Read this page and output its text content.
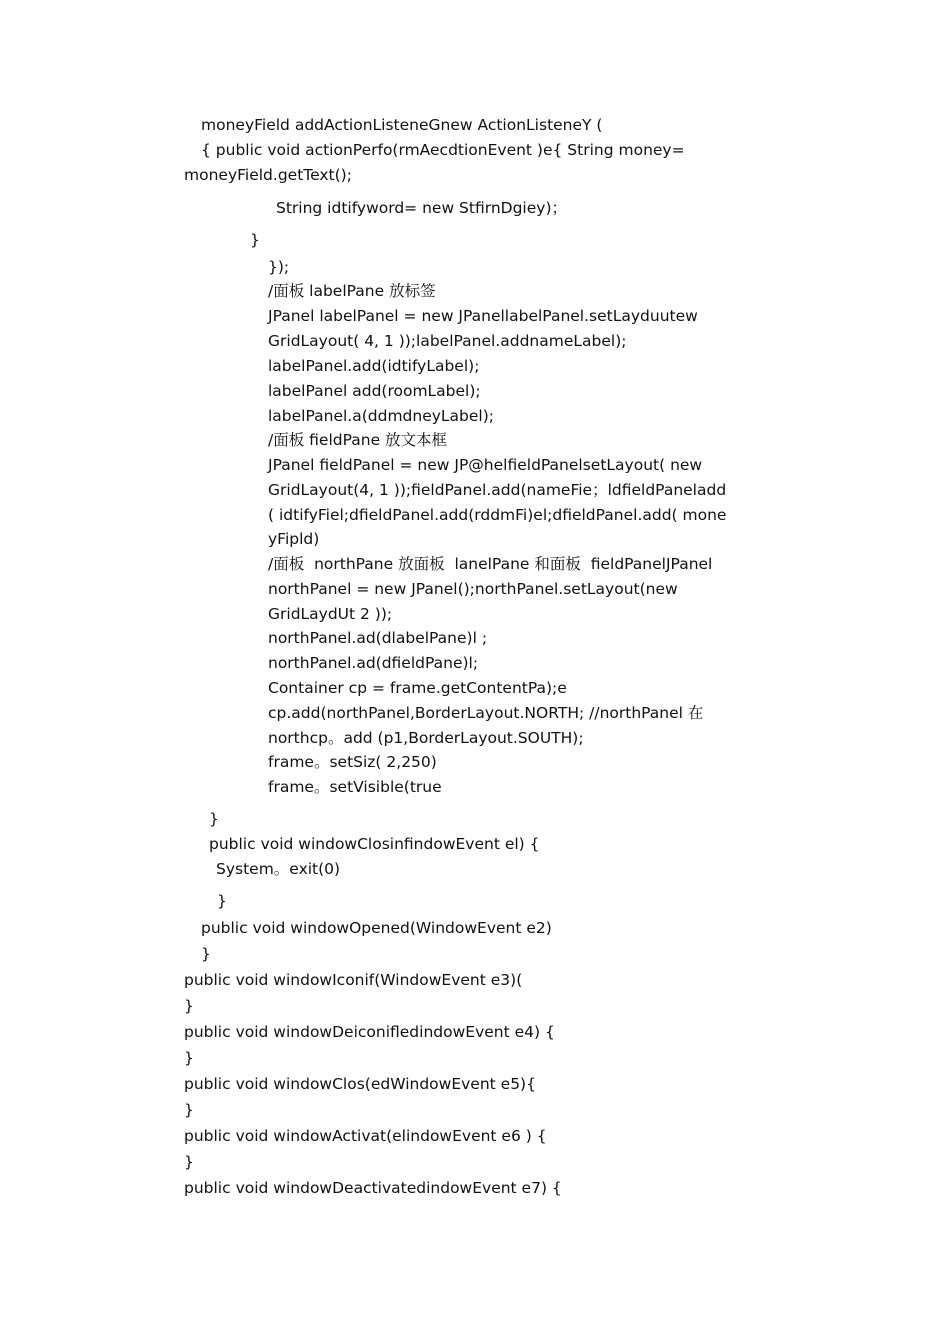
moneyField addActionListeneGnew ActionListeneY (
{ public void actionPerfo(rmAecdtionEvent )e{ String money=
moneyField.getText();
String idtifyword= new StfirnDgiey)；
}
});
/面板 labelPane 放标签
JPanel labelPanel = new JPanellabelPanel.setLayduutew
GridLayout( 4, 1 ));labelPanel.addnameLabel);
labelPanel.add(idtifyLabel);
labelPanel add(roomLabel);
labelPanel.a(ddmdneyLabel);
/面板 fieldPane 放文本框
JPanel fieldPanel = new JP@helfieldPanelsetLayout( new
GridLayout(4, 1 ));fieldPanel.add(nameFie；ldfieldPaneladd
( idtifyFiel;dfieldPanel.add(rddmFi)el;dfieldPanel.add( mone
yFipld)
/面板  northPane 放面板  lanelPane 和面板  fieldPanelJPanel
northPanel = new JPanel();northPanel.setLayout(new
GridLaydUt 2 ));
northPanel.ad(dlabelPane)l ;
northPanel.ad(dfieldPane)l;
Container cp = frame.getContentPa);e
cp.add(northPanel,BorderLayout.NORTH; //northPanel 在
northcp。add (p1,BorderLayout.SOUTH);
frame。setSiz( 2,250)
frame。setVisible(true
}
public void windowClosinfindowEvent el) {
System。exit(0)
}
public void windowOpened(WindowEvent e2)
}
public void windowIconif(WindowEvent e3)(
}
public void windowDeiconifledindowEvent e4) {
}
public void windowClos(edWindowEvent e5){
}
public void windowActivat(elindowEvent e6 ) {
}
public void windowDeactivatedindowEvent e7) {
